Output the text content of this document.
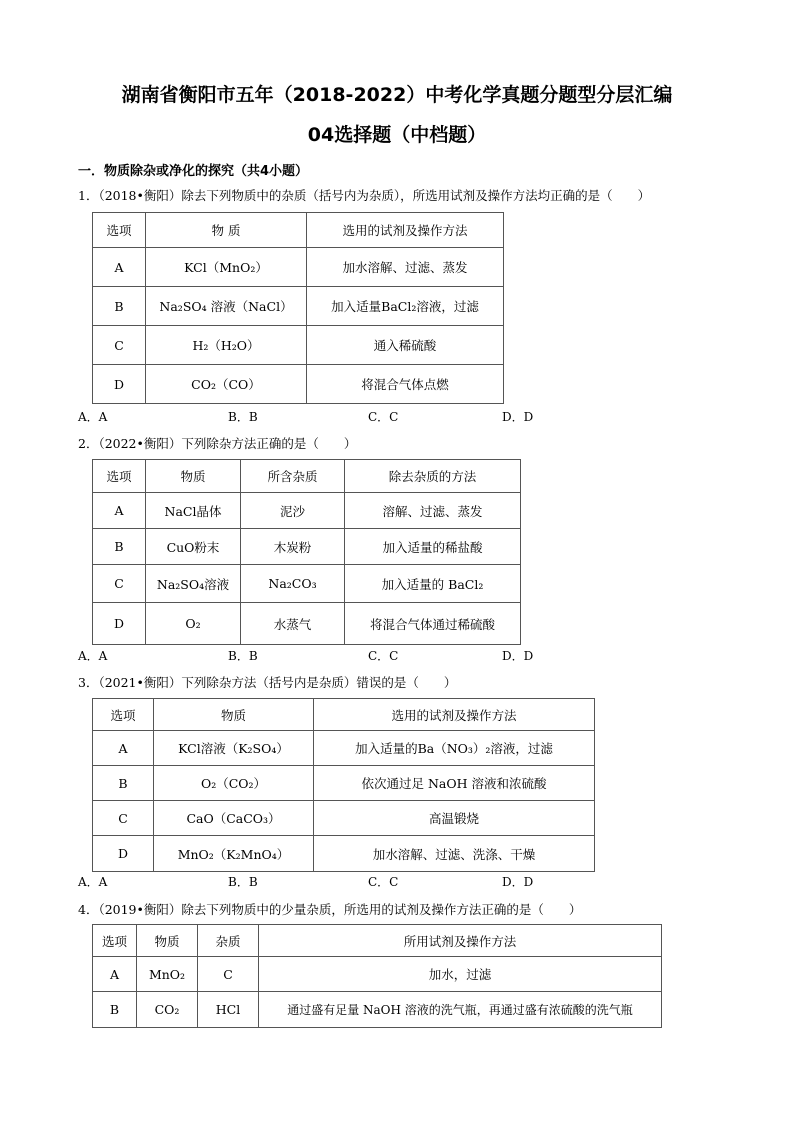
湖南省衡阳市五年（2018-2022）中考化学真题分题型分层汇编
04选择题（中档题）
一．物质除杂或净化的探究（共4小题）
1．（2018•衡阳）除去下列物质中的杂质（括号内为杂质），所选用试剂及操作方法均正确的是（　　）
选项	物 质	选用的试剂及操作方法
A	KCl（MnO₂）	加水溶解、过滤、蒸发
B	Na₂SO₄ 溶液（NaCl）	加入适量BaCl₂溶液，过滤
C	H₂（H₂O）	通入稀硫酸
D	CO₂（CO）	将混合气体点燃
A．A	B．B	C．C	D．D
2．（2022•衡阳）下列除杂方法正确的是（　　）
选项	物质	所含杂质	除去杂质的方法
A	NaCl晶体	泥沙	溶解、过滤、蒸发
B	CuO粉末	木炭粉	加入适量的稀盐酸
C	Na₂SO₄溶液	Na₂CO₃	加入适量的 BaCl₂
D	O₂	水蒸气	将混合气体通过稀硫酸
A．A	B．B	C．C	D．D
3．（2021•衡阳）下列除杂方法（括号内是杂质）错误的是（　　）
选项	物质	选用的试剂及操作方法
A	KCl溶液（K₂SO₄）	加入适量的Ba（NO₃）₂溶液，过滤
B	O₂（CO₂）	依次通过足 NaOH 溶液和浓硫酸
C	CaO（CaCO₃）	高温锻烧
D	MnO₂（K₂MnO₄）	加水溶解、过滤、洗涤、干燥
A．A	B．B	C．C	D．D
4．（2019•衡阳）除去下列物质中的少量杂质，所选用的试剂及操作方法正确的是（　　）
选项	物质	杂质	所用试剂及操作方法
A	MnO₂	C	加水，过滤
B	CO₂	HCl	通过盛有足量 NaOH 溶液的洗气瓶，再通过盛有浓硫酸的洗气瓶
